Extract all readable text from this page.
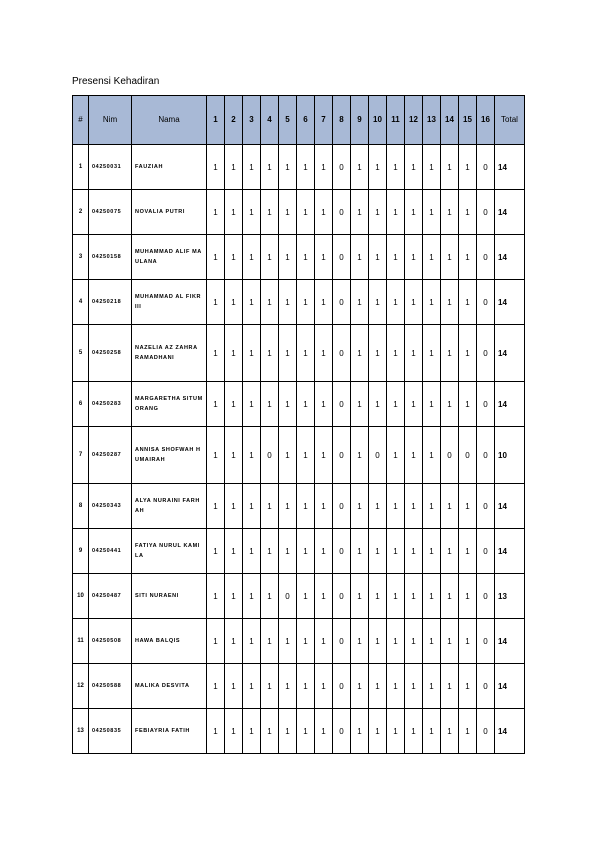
Presensi Kehadiran
#	Nim	Nama	1	2	3	4	5	6	7	8	9	10	11	12	13	14	15	16	Total
1	04250031	FAUZIAH	1	1	1	1	1	1	1	0	1	1	1	1	1	1	1	0	14
2	04250075	NOVALIA PUTRI	1	1	1	1	1	1	1	0	1	1	1	1	1	1	1	0	14
3	04250158	MUHAMMAD ALIF MAULANA	1	1	1	1	1	1	1	0	1	1	1	1	1	1	1	0	14
4	04250218	MUHAMMAD AL FIKRIII	1	1	1	1	1	1	1	0	1	1	1	1	1	1	1	0	14
5	04250258	NAZELIA AZ ZAHRA RAMADHANI	1	1	1	1	1	1	1	0	1	1	1	1	1	1	1	0	14
6	04250283	MARGARETHA SITUMORANG	1	1	1	1	1	1	1	0	1	1	1	1	1	1	1	0	14
7	04250287	ANNISA SHOFWAH HUMAIRAH	1	1	1	0	1	1	1	0	1	0	1	1	1	0	0	0	10
8	04250343	ALYA NURAINI FARHAH	1	1	1	1	1	1	1	0	1	1	1	1	1	1	1	0	14
9	04250441	FATIYA NURUL KAMILA	1	1	1	1	1	1	1	0	1	1	1	1	1	1	1	0	14
10	04250487	SITI NURAENI	1	1	1	1	0	1	1	0	1	1	1	1	1	1	1	0	13
11	04250508	HAWA BALQIS	1	1	1	1	1	1	1	0	1	1	1	1	1	1	1	0	14
12	04250588	MALIKA DESVITA	1	1	1	1	1	1	1	0	1	1	1	1	1	1	1	0	14
13	04250835	FEBIAYRIA FATIH	1	1	1	1	1	1	1	0	1	1	1	1	1	1	1	0	14
